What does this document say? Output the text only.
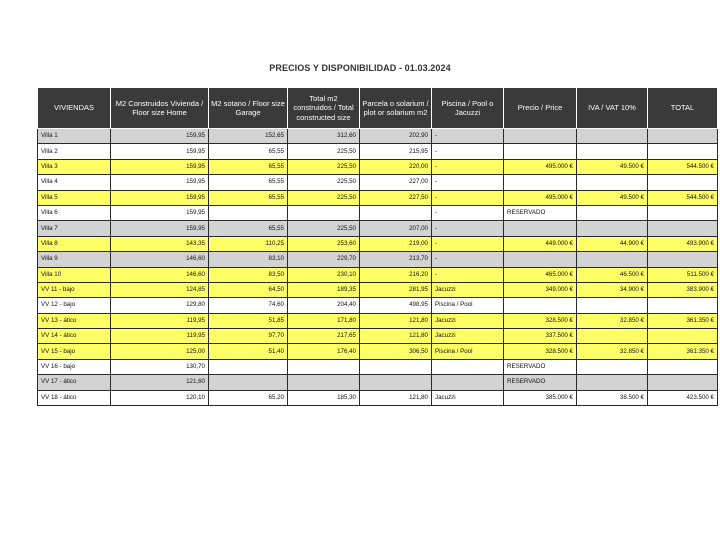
PRECIOS Y DISPONIBILIDAD - 01.03.2024
VIVIENDAS	M2 Construidos Vivienda / Floor size Home	M2 sotano / Floor size Garage	Total m2 construidos / Total constructed size	Parcela o solarium / plot or solarium m2	Piscina / Pool o Jacuzzi	Precio / Price	IVA / VAT 10%	TOTAL
Villa 1	159,95	152,65	312,60	202,90	-			
Villa 2	159,95	65,55	225,50	215,95	-			
Villa 3	159,95	65,55	225,50	220,00	-	495.000 €	49.500 €	544.500 €
Villa 4	159,95	65,55	225,50	227,00	-			
Villa 5	159,95	65,55	225,50	227,50	-	495.000 €	49.500 €	544.500 €
Villa 6	159,95				-	RESERVADO		
Villa 7	159,95	65,55	225,50	207,00	-			
Villa 8	143,35	110,25	253,60	219,00	-	449.000 €	44.900 €	493.900 €
Villa 9	146,60	83,10	229,70	213,70	-			
Villa 10	146,60	83,50	230,10	216,20	-	465.000 €	46.500 €	511.500 €
VV 11 - bajo	124,85	64,50	189,35	281,95	Jacuzzi	349.000 €	34.900 €	383.900 €
VV 12 - bajo	129,80	74,60	204,40	498,95	Piscina / Pool			
VV 13 - ático	119,95	51,85	171,80	121,80	Jacuzzi	328.500 €	32.850 €	361.350 €
VV 14 - ático	119,95	97,70	217,65	121,80	Jacuzzi	337.500 €		
VV 15 - bajo	125,00	51,40	176,40	306,50	Piscina / Pool	328.500 €	32.850 €	361.350 €
VV 16 - bajo	130,70					RESERVADO		
VV 17 - ático	121,60					RESERVADO		
VV 18 - ático	120,10	65,20	185,30	121,80	Jacuzzi	385.000 €	38.500 €	423.500 €
